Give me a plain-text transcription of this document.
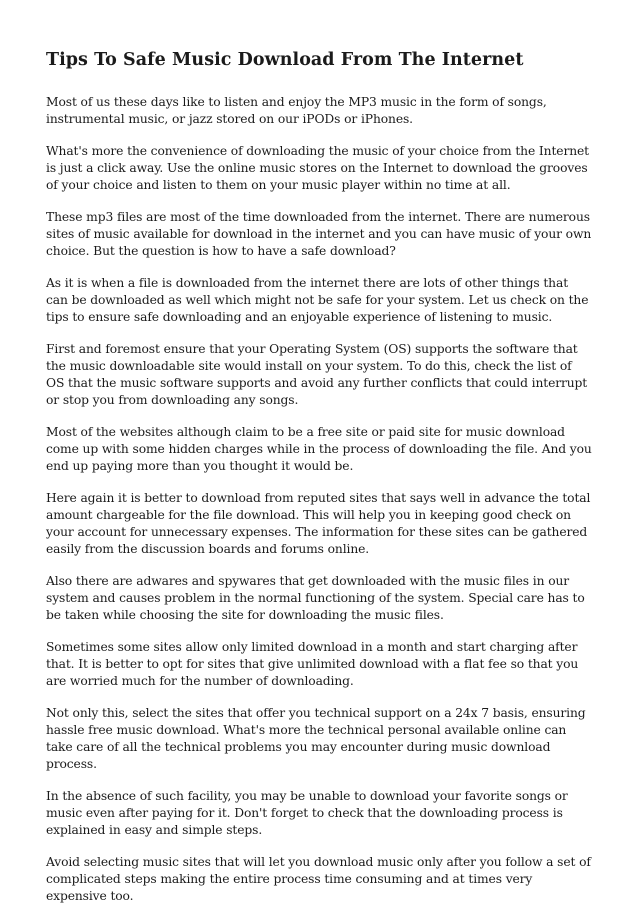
Tips To Safe Music Download From The Internet

Most of us these days like to listen and enjoy the MP3 music in the form of songs, instrumental music, or jazz stored on our iPODs or iPhones.

What's more the convenience of downloading the music of your choice from the Internet is just a click away. Use the online music stores on the Internet to download the grooves of your choice and listen to them on your music player within no time at all.

These mp3 files are most of the time downloaded from the internet. There are numerous sites of music available for download in the internet and you can have music of your own choice. But the question is how to have a safe download?

As it is when a file is downloaded from the internet there are lots of other things that can be downloaded as well which might not be safe for your system. Let us check on the tips to ensure safe downloading and an enjoyable experience of listening to music.

First and foremost ensure that your Operating System (OS) supports the software that the music downloadable site would install on your system. To do this, check the list of OS that the music software supports and avoid any further conflicts that could interrupt or stop you from downloading any songs.

Most of the websites although claim to be a free site or paid site for music download come up with some hidden charges while in the process of downloading the file. And you end up paying more than you thought it would be.

Here again it is better to download from reputed sites that says well in advance the total amount chargeable for the file download. This will help you in keeping good check on your account for unnecessary expenses. The information for these sites can be gathered easily from the discussion boards and forums online.

Also there are adwares and spywares that get downloaded with the music files in our system and causes problem in the normal functioning of the system. Special care has to be taken while choosing the site for downloading the music files.

Sometimes some sites allow only limited download in a month and start charging after that. It is better to opt for sites that give unlimited download with a flat fee so that you are worried much for the number of downloading.

Not only this, select the sites that offer you technical support on a 24x 7 basis, ensuring hassle free music download. What's more the technical personal available online can take care of all the technical problems you may encounter during music download process.

In the absence of such facility, you may be unable to download your favorite songs or music even after paying for it. Don't forget to check that the downloading process is explained in easy and simple steps.

Avoid selecting music sites that will let you download music only after you follow a set of complicated steps making the entire process time consuming and at times very expensive too.
